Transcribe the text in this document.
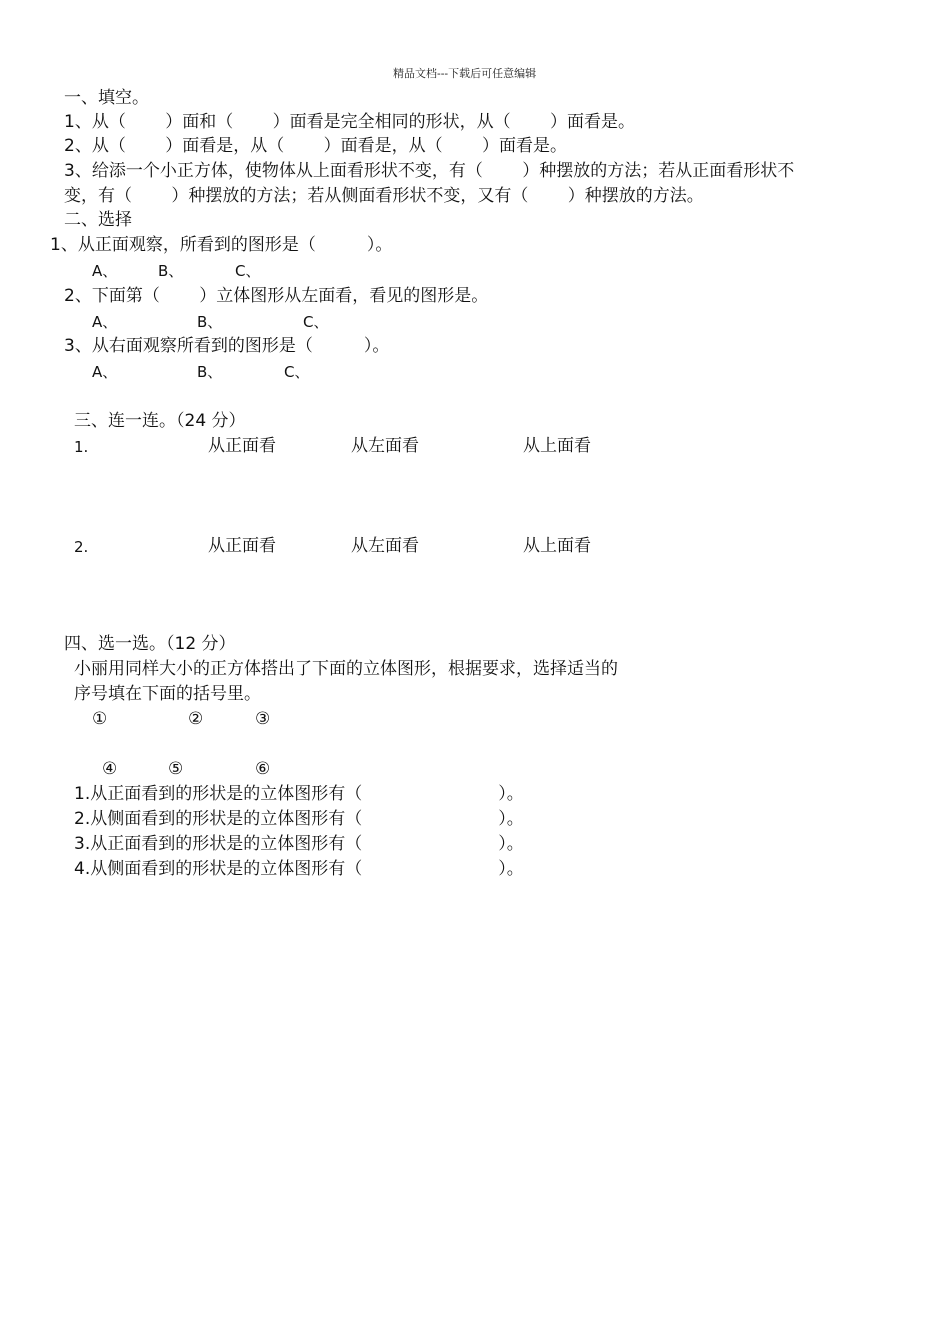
精品文档---下载后可任意编辑
一、填空。
1、从（　　 ）面和（　　 ）面看是完全相同的形状，从（　　 ）面看是。
2、从（　　 ）面看是，从（　　 ）面看是，从（　　 ）面看是。
3、给添一个小正方体，使物体从上面看形状不变，有（　　 ）种摆放的方法；若从正面看形状不
变，有（　　 ）种摆放的方法；若从侧面看形状不变，又有（　　 ）种摆放的方法。
二、选择
1、从正面观察，所看到的图形是（　　　）。
A、	B、	C、
2、下面第（　　 ）立体图形从左面看，看见的图形是。
A、	B、	C、
3、从右面观察所看到的图形是（　　　）。
A、	B、	C、
三、连一连。（24 分）
1.	从正面看	从左面看	从上面看
2.	从正面看	从左面看	从上面看
四、选一选。（12 分）
小丽用同样大小的正方体搭出了下面的立体图形，根据要求，选择适当的
序号填在下面的括号里。
①	②	③
④	⑤	⑥
1.从正面看到的形状是的立体图形有（　　　　　　　　）。
2.从侧面看到的形状是的立体图形有（　　　　　　　　）。
3.从正面看到的形状是的立体图形有（　　　　　　　　）。
4.从侧面看到的形状是的立体图形有（　　　　　　　　）。
